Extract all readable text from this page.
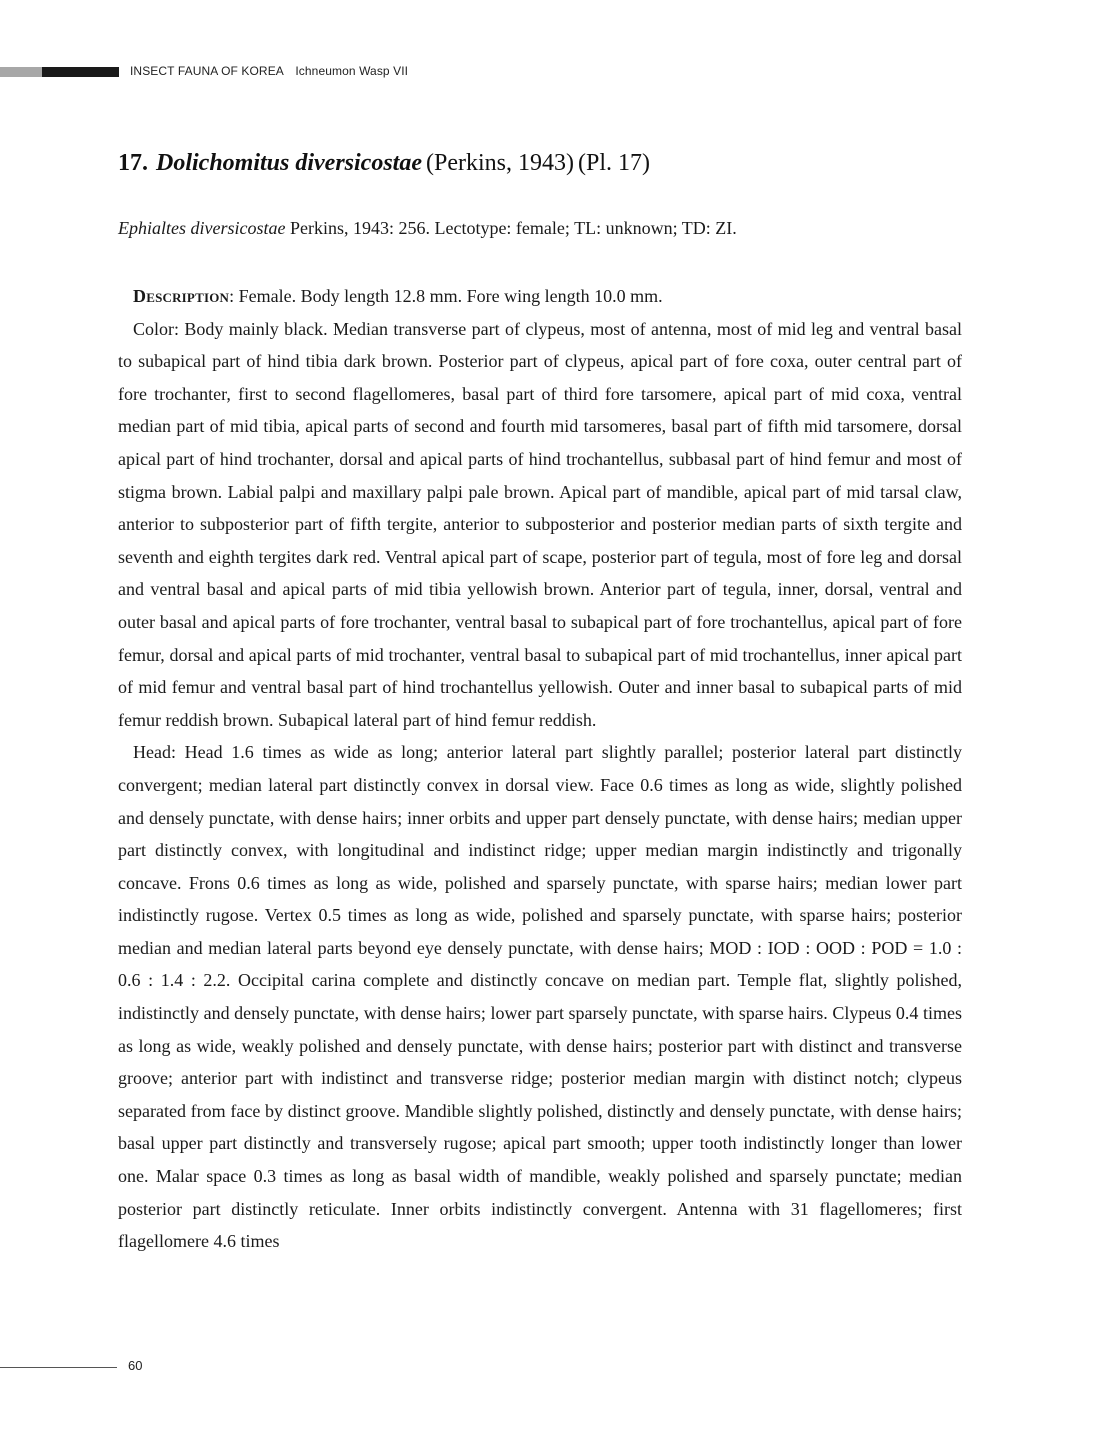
INSECT FAUNA OF KOREA Ichneumon Wasp VII
17. Dolichomitus diversicostae (Perkins, 1943) (Pl. 17)
Ephialtes diversicostae Perkins, 1943: 256. Lectotype: female; TL: unknown; TD: ZI.

Description: Female. Body length 12.8 mm. Fore wing length 10.0 mm.

Color: Body mainly black. Median transverse part of clypeus, most of antenna, most of mid leg and ventral basal to subapical part of hind tibia dark brown. Posterior part of clypeus, apical part of fore coxa, outer central part of fore trochanter, first to second flagellomeres, basal part of third fore tarsomere, apical part of mid coxa, ventral median part of mid tibia, apical parts of second and fourth mid tarsomeres, basal part of fifth mid tarsomere, dorsal apical part of hind trochanter, dorsal and apical parts of hind trochantellus, subbasal part of hind femur and most of stigma brown. Labial palpi and maxillary palpi pale brown. Apical part of mandible, apical part of mid tarsal claw, anterior to subposterior part of fifth tergite, anterior to subposterior and posterior median parts of sixth tergite and seventh and eighth tergites dark red. Ventral apical part of scape, posterior part of tegula, most of fore leg and dorsal and ventral basal and apical parts of mid tibia yellowish brown. Anterior part of tegula, inner, dorsal, ventral and outer basal and apical parts of fore trochanter, ventral basal to subapical part of fore trochantellus, apical part of fore femur, dorsal and apical parts of mid trochanter, ventral basal to subapical part of mid trochantellus, inner apical part of mid femur and ventral basal part of hind trochantellus yellowish. Outer and inner basal to subapical parts of mid femur reddish brown. Subapical lateral part of hind femur reddish.

Head: Head 1.6 times as wide as long; anterior lateral part slightly parallel; posterior lateral part distinctly convergent; median lateral part distinctly convex in dorsal view. Face 0.6 times as long as wide, slightly polished and densely punctate, with dense hairs; inner orbits and upper part densely punctate, with dense hairs; median upper part distinctly convex, with longitudinal and indistinct ridge; upper median margin indistinctly and trigonally concave. Frons 0.6 times as long as wide, polished and sparsely punctate, with sparse hairs; median lower part indistinctly rugose. Vertex 0.5 times as long as wide, polished and sparsely punctate, with sparse hairs; posterior median and median lateral parts beyond eye densely punctate, with dense hairs; MOD : IOD : OOD : POD = 1.0 : 0.6 : 1.4 : 2.2. Occipital carina complete and distinctly concave on median part. Temple flat, slightly polished, indistinctly and densely punctate, with dense hairs; lower part sparsely punctate, with sparse hairs. Clypeus 0.4 times as long as wide, weakly polished and densely punctate, with dense hairs; posterior part with distinct and transverse groove; anterior part with indistinct and transverse ridge; posterior median margin with distinct notch; clypeus separated from face by distinct groove. Mandible slightly polished, distinctly and densely punctate, with dense hairs; basal upper part distinctly and transversely rugose; apical part smooth; upper tooth indistinctly longer than lower one. Malar space 0.3 times as long as basal width of mandible, weakly polished and sparsely punctate; median posterior part distinctly reticulate. Inner orbits indistinctly convergent. Antenna with 31 flagellomeres; first flagellomere 4.6 times

60
